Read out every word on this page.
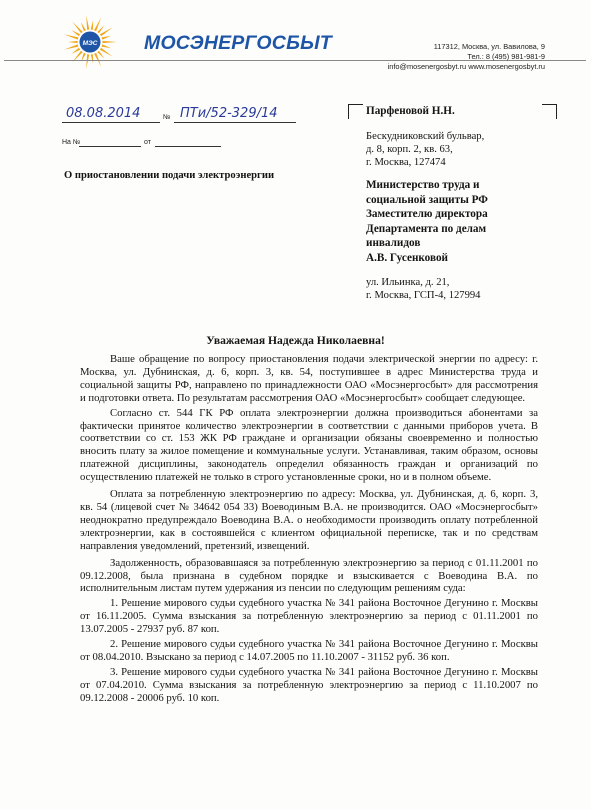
МЭС МОСЭНЕРГОСБЫТ	117312, Москва, ул. Вавилова, 9
Тел.: 8 (495) 981-981-9
info@mosenergosbyt.ru www.mosenergosbyt.ru
08.08.2014	ПТи/52-329/14
№
На №	от
Парфеновой Н.Н.
Бескудниковский бульвар,
д. 8, корп. 2, кв. 63,
г. Москва, 127474
Министерство труда и
социальной защиты РФ
Заместителю директора
Департамента по делам
инвалидов
А.В. Гусенковой
ул. Ильинка, д. 21,
г. Москва, ГСП-4, 127994
О приостановлении подачи электроэнергии
Уважаемая Надежда Николаевна!

Ваше обращение по вопросу приостановления подачи электрической энергии по адресу: г. Москва, ул. Дубнинская, д. 6, корп. 3, кв. 54, поступившее в адрес Министерства труда и социальной защиты РФ, направлено по принадлежности ОАО «Мосэнергосбыт» для рассмотрения и подготовки ответа. По результатам рассмотрения ОАО «Мосэнергосбыт» сообщает следующее.

Согласно ст. 544 ГК РФ оплата электроэнергии должна производиться абонентами за фактически принятое количество электроэнергии в соответствии с данными приборов учета. В соответствии со ст. 153 ЖК РФ граждане и организации обязаны своевременно и полностью вносить плату за жилое помещение и коммунальные услуги. Устанавливая, таким образом, основы платежной дисциплины, законодатель определил обязанность граждан и организаций по осуществлению платежей не только в строго установленные сроки, но и в полном объеме.

Оплата за потребленную электроэнергию по адресу: Москва, ул. Дубнинская, д. 6, корп. 3, кв. 54 (лицевой счет № 34642 054 33) Воеводиным В.А. не производится. ОАО «Мосэнергосбыт» неоднократно предупреждало Воеводина В.А. о необходимости производить оплату потребленной электроэнергии, как в состоявшейся с клиентом официальной переписке, так и по средствам направления уведомлений, претензий, извещений.

Задолженность, образовавшаяся за потребленную электроэнергию за период с 01.11.2001 по 09.12.2008, была признана в судебном порядке и взыскивается с Воеводина В.А. по исполнительным листам путем удержания из пенсии по следующим решениям суда:

1. Решение мирового судьи судебного участка № 341 района Восточное Дегунино г. Москвы от 16.11.2005. Сумма взыскания за потребленную электроэнергию за период с 01.11.2001 по 13.07.2005 - 27937 руб. 87 коп.

2. Решение мирового судьи судебного участка № 341 района Восточное Дегунино г. Москвы от 08.04.2010. Взыскано за период с 14.07.2005 по 11.10.2007 - 31152 руб. 36 коп.

3. Решение мирового судьи судебного участка № 341 района Восточное Дегунино г. Москвы от 07.04.2010. Сумма взыскания за потребленную электроэнергию за период с 11.10.2007 по 09.12.2008 - 20006 руб. 10 коп.
